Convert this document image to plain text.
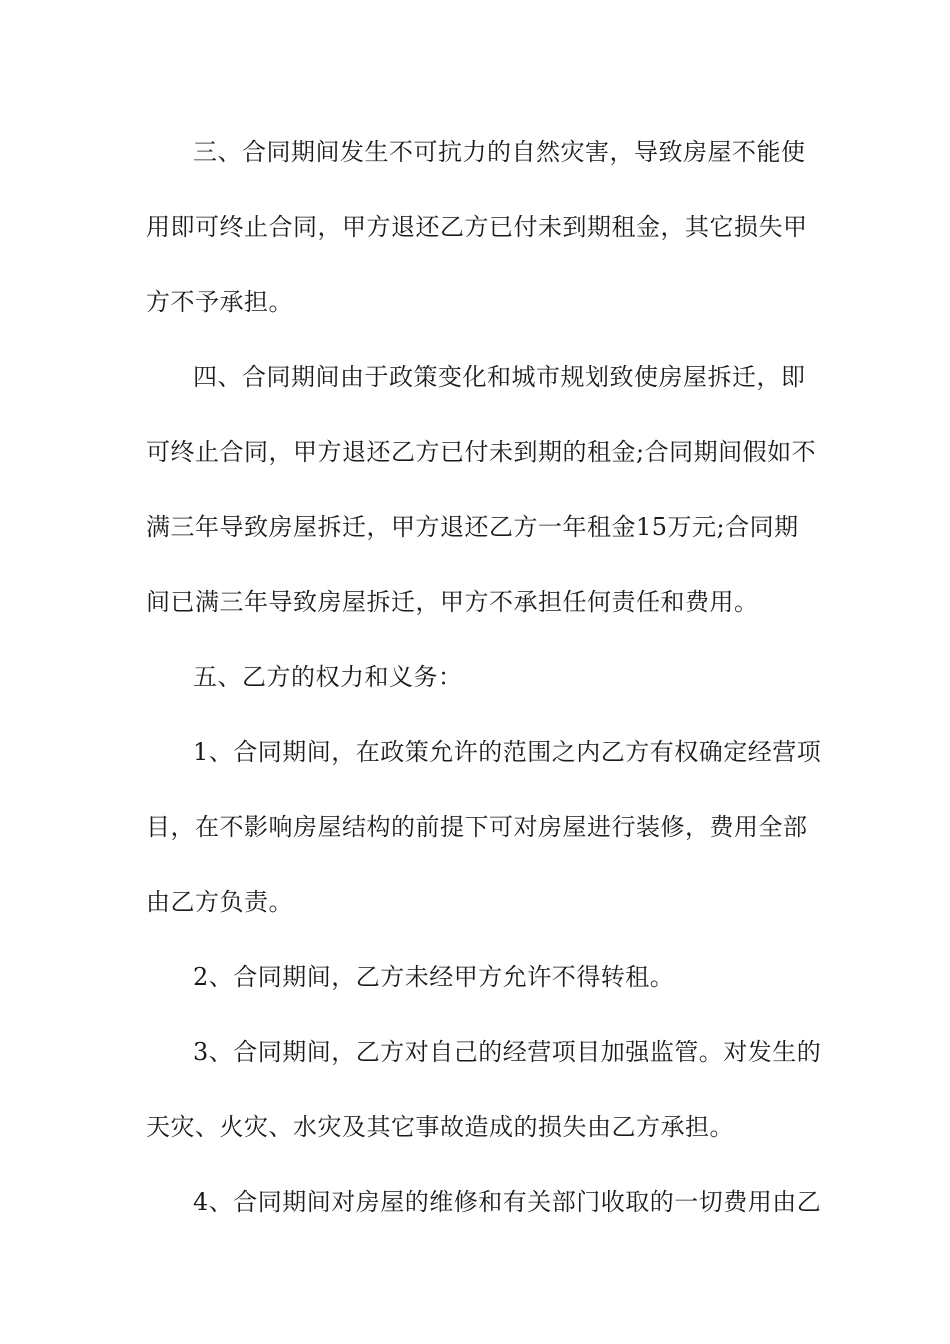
三、合同期间发生不可抗力的自然灾害，导致房屋不能使
用即可终止合同，甲方退还乙方已付未到期租金，其它损失甲
方不予承担。
四、合同期间由于政策变化和城市规划致使房屋拆迁，即
可终止合同，甲方退还乙方已付未到期的租金;合同期间假如不
满三年导致房屋拆迁，甲方退还乙方一年租金15万元;合同期
间已满三年导致房屋拆迁，甲方不承担任何责任和费用。
五、乙方的权力和义务：
1、合同期间，在政策允许的范围之内乙方有权确定经营项
目，在不影响房屋结构的前提下可对房屋进行装修，费用全部
由乙方负责。
2、合同期间，乙方未经甲方允许不得转租。
3、合同期间，乙方对自己的经营项目加强监管。对发生的
天灾、火灾、水灾及其它事故造成的损失由乙方承担。
4、合同期间对房屋的维修和有关部门收取的一切费用由乙
